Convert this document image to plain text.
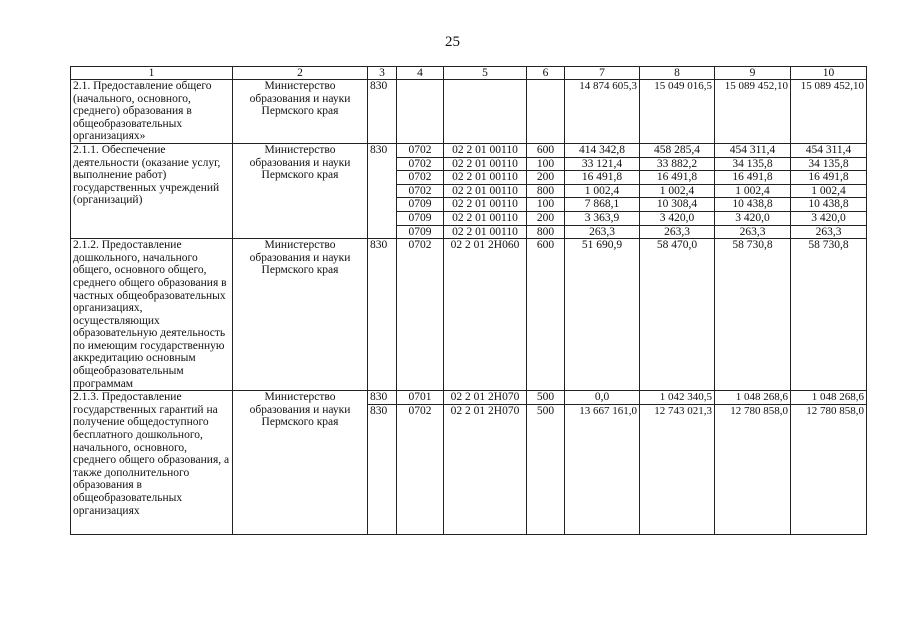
25
1	2	3	4	5	6	7	8	9	10
2.1. Предоставление общего (начального, основного, среднего) образования в общеобразовательных организациях»	Министерство образования и науки Пермского края	830				14 874 605,3	15 049 016,5	15 089 452,10	15 089 452,10
2.1.1. Обеспечение деятельности (оказание услуг, выполнение работ) государственных учреждений (организаций)	Министерство образования и науки Пермского края	830	0702	02 2 01 00110	600	414 342,8	458 285,4	454 311,4	454 311,4
			0702	02 2 01 00110	100	33 121,4	33 882,2	34 135,8	34 135,8
			0702	02 2 01 00110	200	16 491,8	16 491,8	16 491,8	16 491,8
			0702	02 2 01 00110	800	1 002,4	1 002,4	1 002,4	1 002,4
			0709	02 2 01 00110	100	7 868,1	10 308,4	10 438,8	10 438,8
			0709	02 2 01 00110	200	3 363,9	3 420,0	3 420,0	3 420,0
			0709	02 2 01 00110	800	263,3	263,3	263,3	263,3
2.1.2. Предоставление дошкольного, начального общего, основного общего, среднего общего образования в частных общеобразовательных организациях, осуществляющих образовательную деятельность по имеющим государственную аккредитацию основным общеобразовательным программам	Министерство образования и науки Пермского края	830	0702	02 2 01 2Н060	600	51 690,9	58 470,0	58 730,8	58 730,8
2.1.3. Предоставление государственных гарантий на получение общедоступного бесплатного дошкольного, начального, основного, среднего общего образования, а также дополнительного образования в общеобразовательных организациях	Министерство образования и науки Пермского края	830	0701	02 2 01 2Н070	500	0,0	1 042 340,5	1 048 268,6	1 048 268,6
		830	0702	02 2 01 2Н070	500	13 667 161,0	12 743 021,3	12 780 858,0	12 780 858,0
